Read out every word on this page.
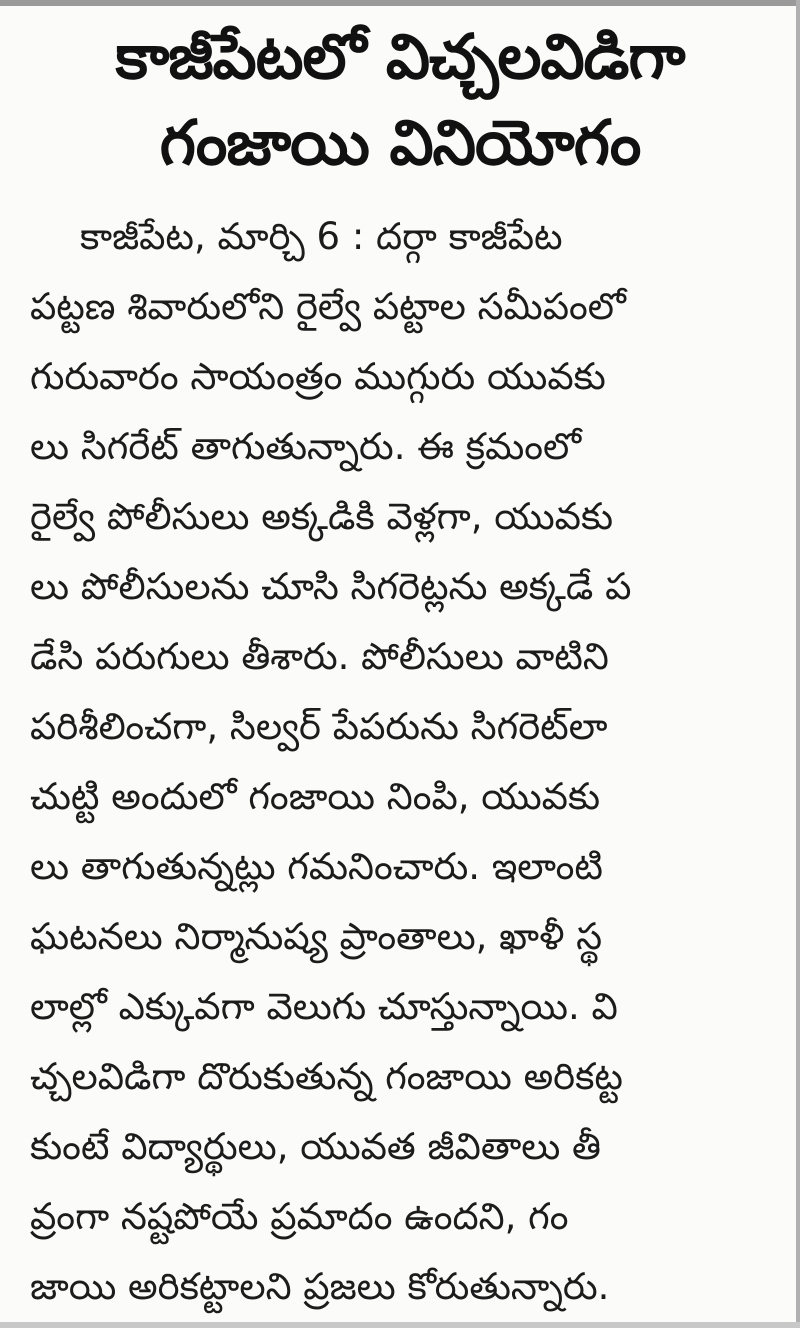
కాజీపేటలో విచ్చలవిడిగా
గంజాయి వినియోగం
కాజీపేట, మార్చి 6 : దర్గా కాజీపేట
పట్టణ శివారులోని రైల్వే పట్టాల సమీపంలో
గురువారం సాయంత్రం ముగ్గురు యువకు
లు సిగరేట్ తాగుతున్నారు. ఈ క్రమంలో
రైల్వే పోలీసులు అక్కడికి వెళ్లగా, యువకు
లు పోలీసులను చూసి సిగరెట్లను అక్కడే ప
డేసి పరుగులు తీశారు. పోలీసులు వాటిని
పరిశీలించగా, సిల్వర్ పేపరును సిగరెట్‌లా
చుట్టి అందులో గంజాయి నింపి, యువకు
లు తాగుతున్నట్లు గమనించారు. ఇలాంటి
ఘటనలు నిర్మానుష్య ప్రాంతాలు, ఖాళీ స్థ
లాల్లో ఎక్కువగా వెలుగు చూస్తున్నాయి. వి
చ్చలవిడిగా దొరుకుతున్న గంజాయి అరికట్ట
కుంటే విద్యార్థులు, యువత జీవితాలు తీ
వ్రంగా నష్టపోయే ప్రమాదం ఉందని, గం
జాయి అరికట్టాలని ప్రజలు కోరుతున్నారు.
